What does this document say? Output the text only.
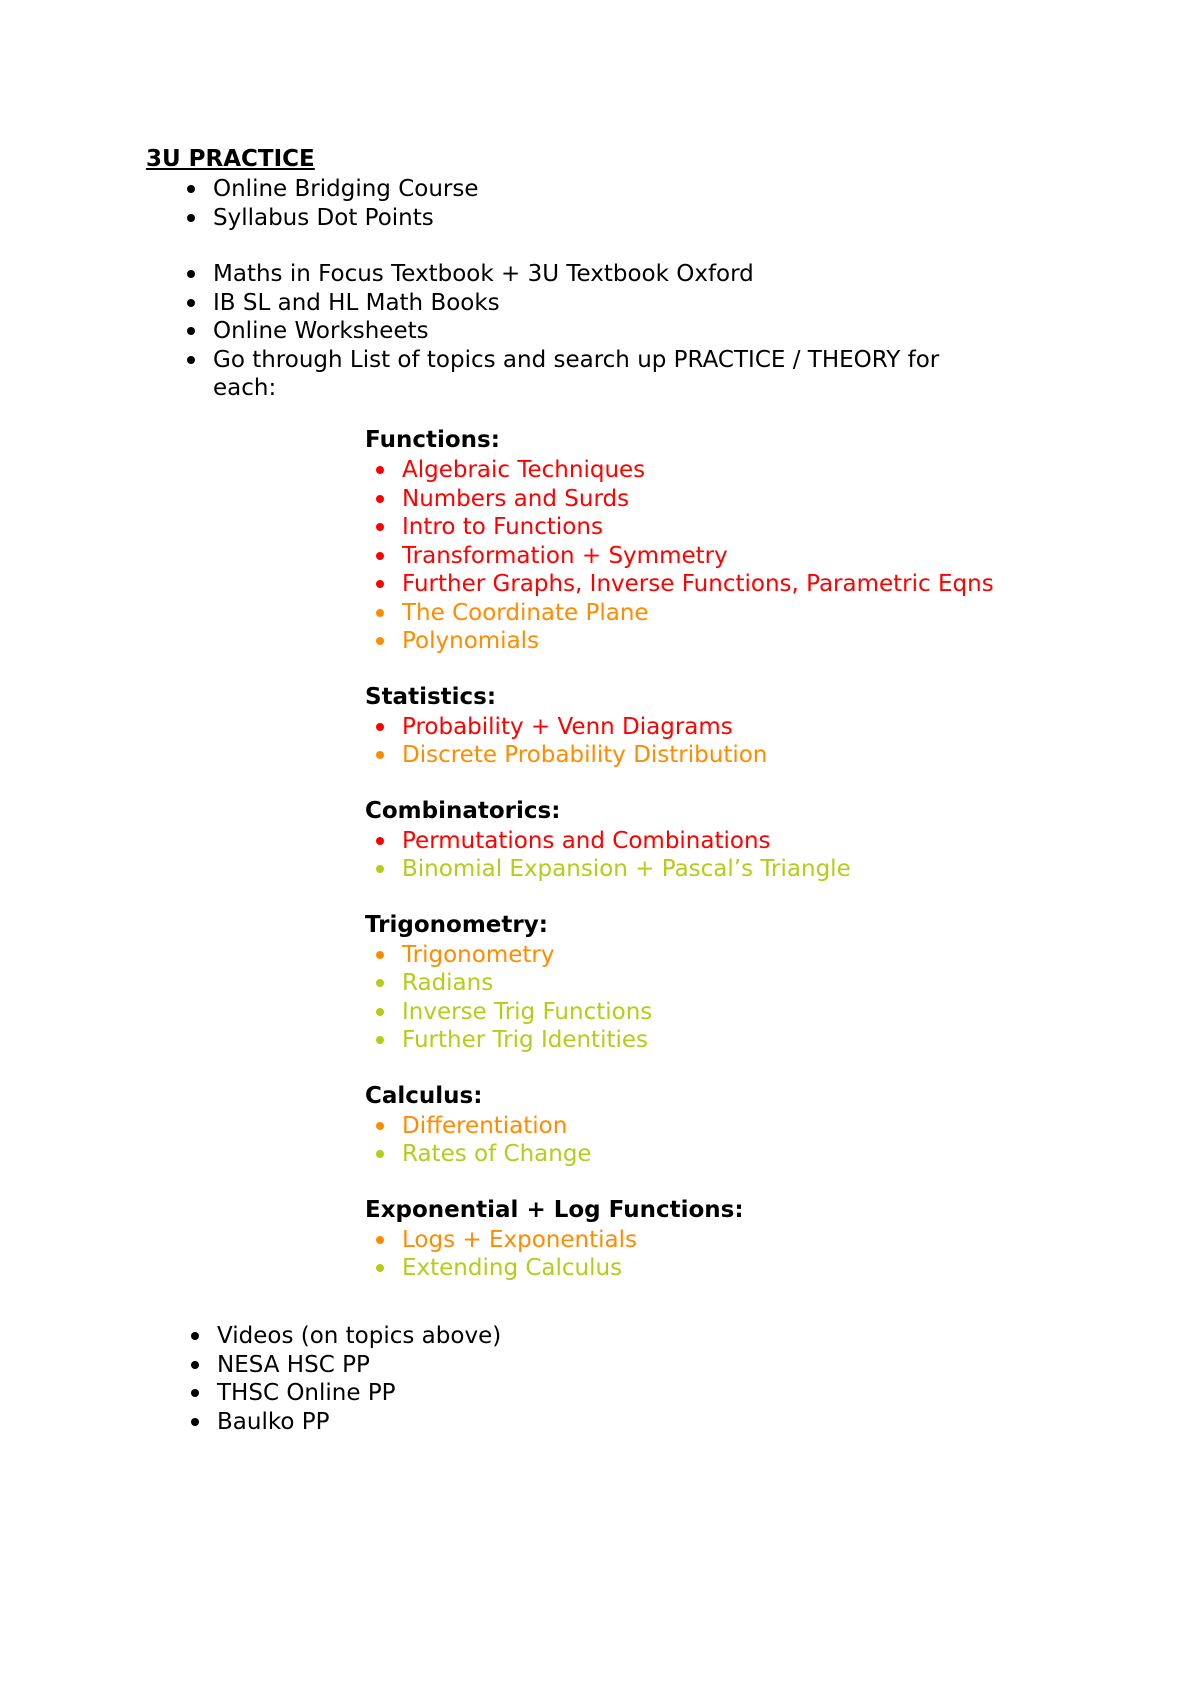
3U PRACTICE
Online Bridging Course
Syllabus Dot Points
Maths in Focus Textbook + 3U Textbook Oxford
IB SL and HL Math Books
Online Worksheets
Go through List of topics and search up PRACTICE / THEORY for each:
Functions:
Algebraic Techniques
Numbers and Surds
Intro to Functions
Transformation + Symmetry
Further Graphs, Inverse Functions, Parametric Eqns
The Coordinate Plane
Polynomials
Statistics:
Probability + Venn Diagrams
Discrete Probability Distribution
Combinatorics:
Permutations and Combinations
Binomial Expansion + Pascal’s Triangle
Trigonometry:
Trigonometry
Radians
Inverse Trig Functions
Further Trig Identities
Calculus:
Differentiation
Rates of Change
Exponential + Log Functions:
Logs + Exponentials
Extending Calculus
Videos (on topics above)
NESA HSC PP
THSC Online PP
Baulko PP
